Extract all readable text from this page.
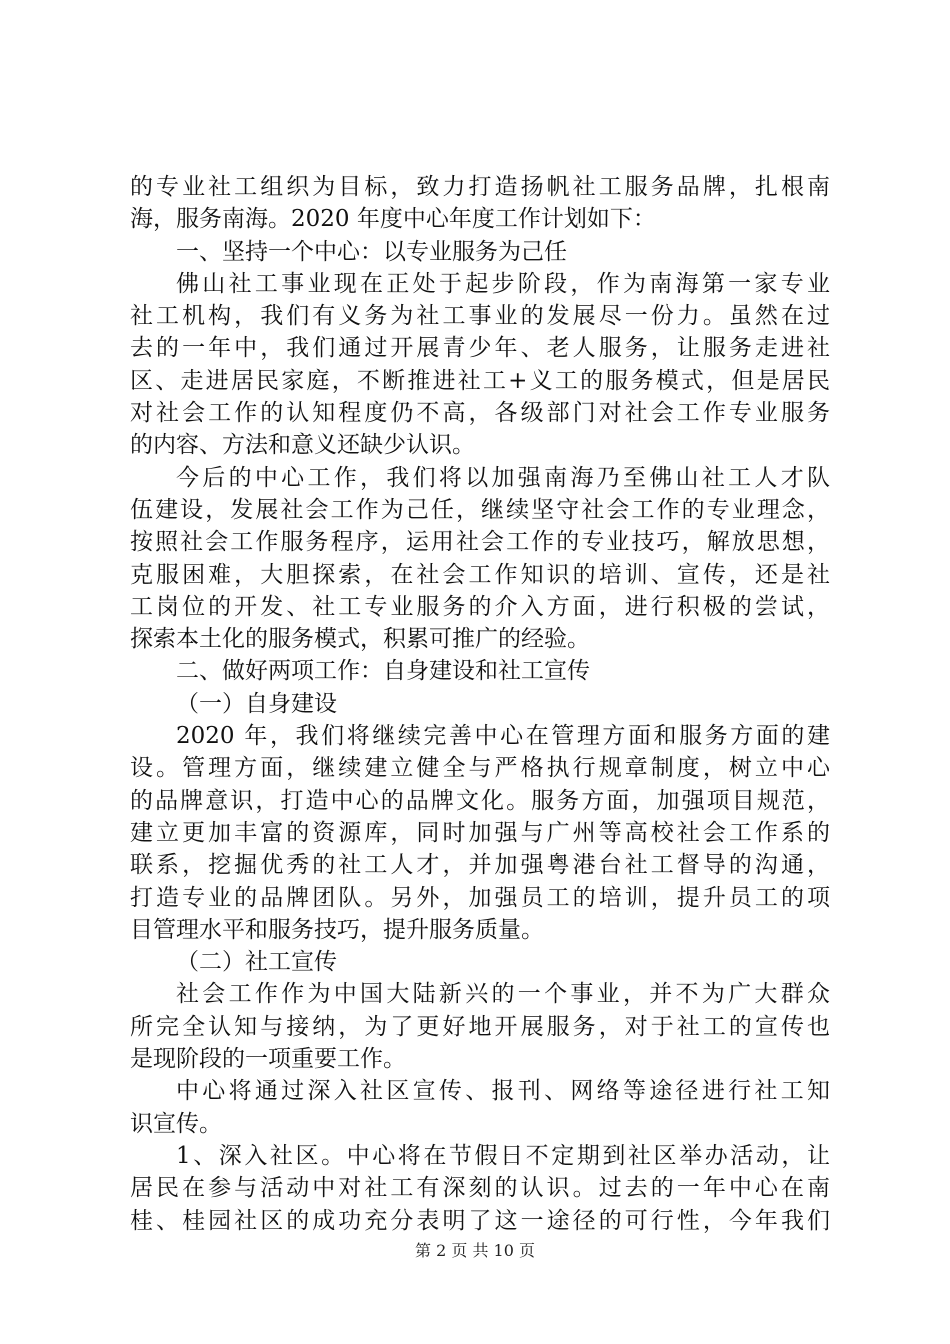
的专业社工组织为目标，致力打造扬帆社工服务品牌，扎根南
海，服务南海。2020 年度中心年度工作计划如下：
一、坚持一个中心：以专业服务为己任
佛山社工事业现在正处于起步阶段，作为南海第一家专业
社工机构，我们有义务为社工事业的发展尽一份力。虽然在过
去的一年中，我们通过开展青少年、老人服务，让服务走进社
区、走进居民家庭，不断推进社工+义工的服务模式，但是居民
对社会工作的认知程度仍不高，各级部门对社会工作专业服务
的内容、方法和意义还缺少认识。
今后的中心工作，我们将以加强南海乃至佛山社工人才队
伍建设，发展社会工作为己任，继续坚守社会工作的专业理念，
按照社会工作服务程序，运用社会工作的专业技巧，解放思想，
克服困难，大胆探索，在社会工作知识的培训、宣传，还是社
工岗位的开发、社工专业服务的介入方面，进行积极的尝试，
探索本土化的服务模式，积累可推广的经验。
二、做好两项工作：自身建设和社工宣传
（一）自身建设
2020 年，我们将继续完善中心在管理方面和服务方面的建
设。管理方面，继续建立健全与严格执行规章制度，树立中心
的品牌意识，打造中心的品牌文化。服务方面，加强项目规范，
建立更加丰富的资源库，同时加强与广州等高校社会工作系的
联系，挖掘优秀的社工人才，并加强粤港台社工督导的沟通，
打造专业的品牌团队。另外，加强员工的培训，提升员工的项
目管理水平和服务技巧，提升服务质量。
（二）社工宣传
社会工作作为中国大陆新兴的一个事业，并不为广大群众
所完全认知与接纳，为了更好地开展服务，对于社工的宣传也
是现阶段的一项重要工作。
中心将通过深入社区宣传、报刊、网络等途径进行社工知
识宣传。
1、深入社区。中心将在节假日不定期到社区举办活动，让
居民在参与活动中对社工有深刻的认识。过去的一年中心在南
桂、桂园社区的成功充分表明了这一途径的可行性，今年我们
第 2 页 共 10 页
